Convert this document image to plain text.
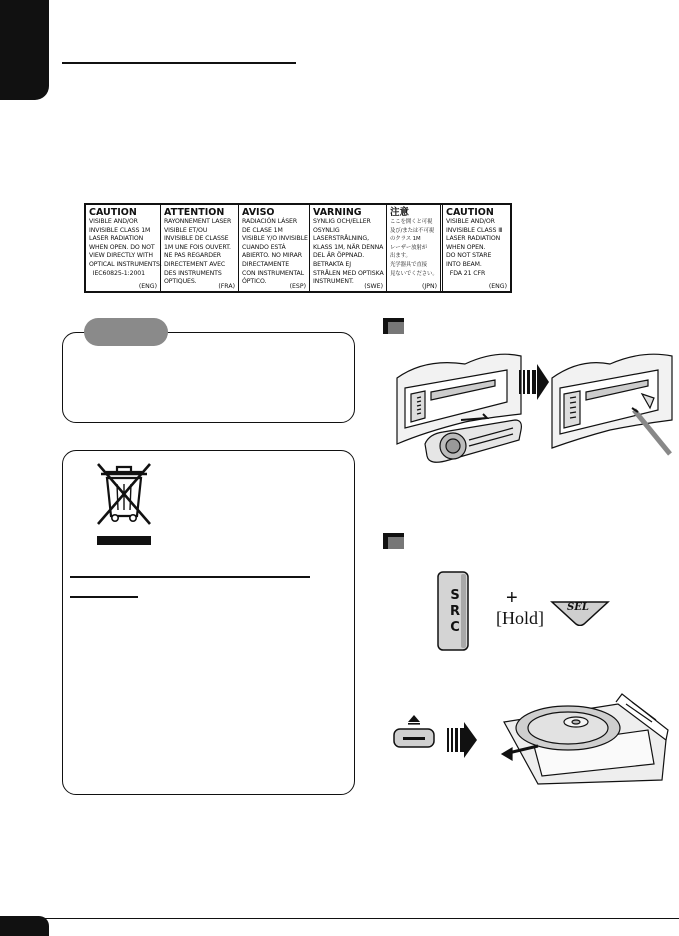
CAUTION
VISIBLE AND/OR
INVISIBLE CLASS 1M
LASER RADIATION
WHEN OPEN. DO NOT
VIEW DIRECTLY WITH
OPTICAL INSTRUMENTS.
IEC60825-1:2001
(ENG)
ATTENTION
RAYONNEMENT LASER
VISIBLE ET/OU
INVISIBLE DE CLASSE
1M UNE FOIS OUVERT.
NE PAS REGARDER
DIRECTEMENT AVEC
DES INSTRUMENTS
OPTIQUES.
(FRA)
AVISO
RADIACIÓN LÁSER
DE CLASE 1M
VISIBLE Y/O INVISIBLE
CUANDO ESTÁ
ABIERTO. NO MIRAR
DIRECTAMENTE
CON INSTRUMENTAL
ÓPTICO.
(ESP)
VARNING
SYNLIG OCH/ELLER
OSYNLIG
LASERSTRÅLNING,
KLASS 1M, NÄR DENNA
DEL ÄR ÖPPNAD.
BETRAKTA EJ
STRÅLEN MED OPTISKA
INSTRUMENT.
(SWE)
注意
ここを開くと可視
及び/または不可視
のクラス 1M
レーザー放射が
出ます。
光学器具で直接
見ないでください。
(JPN)
CAUTION
VISIBLE AND/OR
INVISIBLE CLASS Ⅲ
LASER RADIATION
WHEN OPEN.
DO NOT STARE
INTO BEAM.
FDA 21 CFR
(ENG)
S
R
C
+
[Hold]
SEL
